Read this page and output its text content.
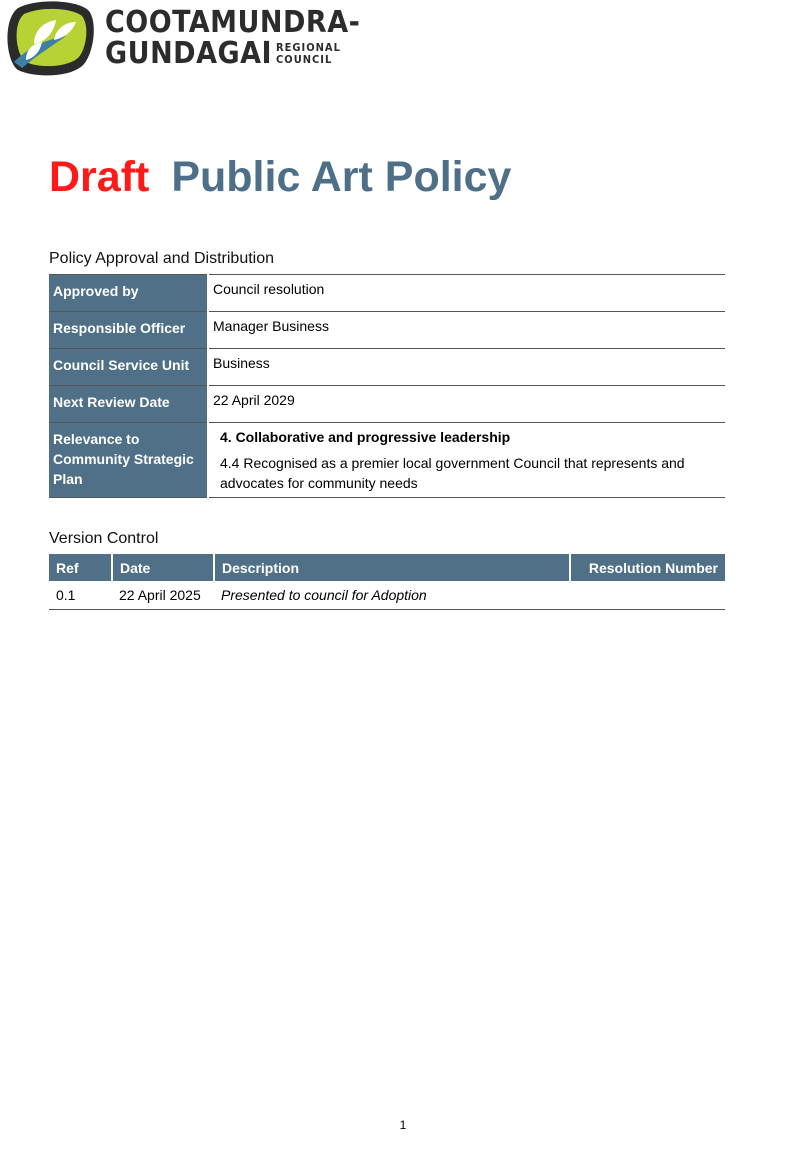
COOTAMUNDRA-
GUNDAGAI REGIONAL
COUNCIL
Draft Public Art Policy
Policy Approval and Distribution
Approved by	Council resolution
Responsible Officer	Manager Business
Council Service Unit	Business
Next Review Date	22 April 2029
Relevance to Community Strategic Plan	4. Collaborative and progressive leadership
4.4 Recognised as a premier local government Council that represents and advocates for community needs
Version Control
Ref	Date	Description	Resolution Number
0.1	22 April 2025	Presented to council for Adoption	
1
